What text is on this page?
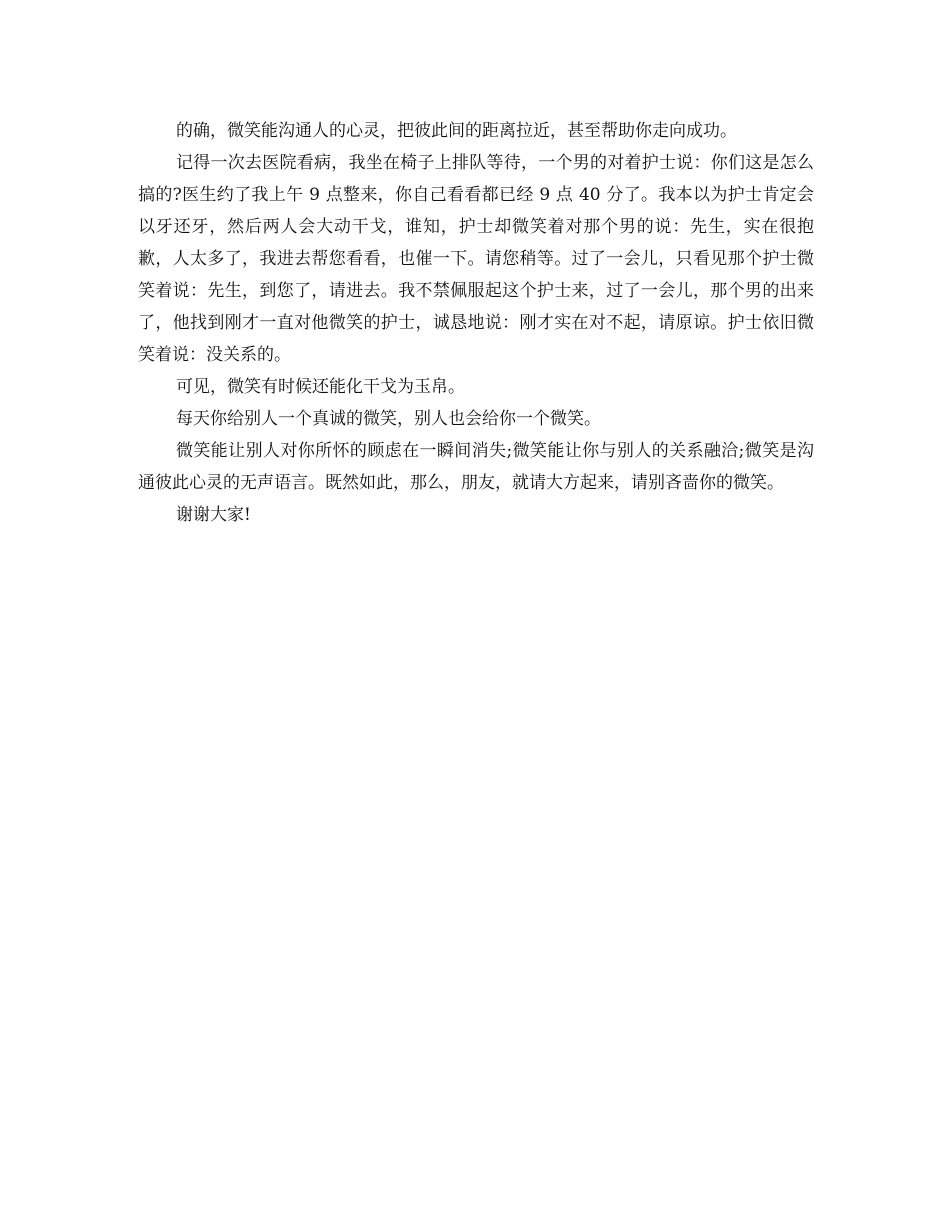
的确，微笑能沟通人的心灵，把彼此间的距离拉近，甚至帮助你走向成功。

记得一次去医院看病，我坐在椅子上排队等待，一个男的对着护士说：你们这是怎么搞的?医生约了我上午 9 点整来，你自己看看都已经 9 点 40 分了。我本以为护士肯定会以牙还牙，然后两人会大动干戈，谁知，护士却微笑着对那个男的说：先生，实在很抱歉，人太多了，我进去帮您看看，也催一下。请您稍等。过了一会儿，只看见那个护士微笑着说：先生，到您了，请进去。我不禁佩服起这个护士来，过了一会儿，那个男的出来了，他找到刚才一直对他微笑的护士，诚恳地说：刚才实在对不起，请原谅。护士依旧微笑着说：没关系的。

可见，微笑有时候还能化干戈为玉帛。

每天你给别人一个真诚的微笑，别人也会给你一个微笑。

微笑能让别人对你所怀的顾虑在一瞬间消失;微笑能让你与别人的关系融洽;微笑是沟通彼此心灵的无声语言。既然如此，那么，朋友，就请大方起来，请别吝啬你的微笑。

谢谢大家!
